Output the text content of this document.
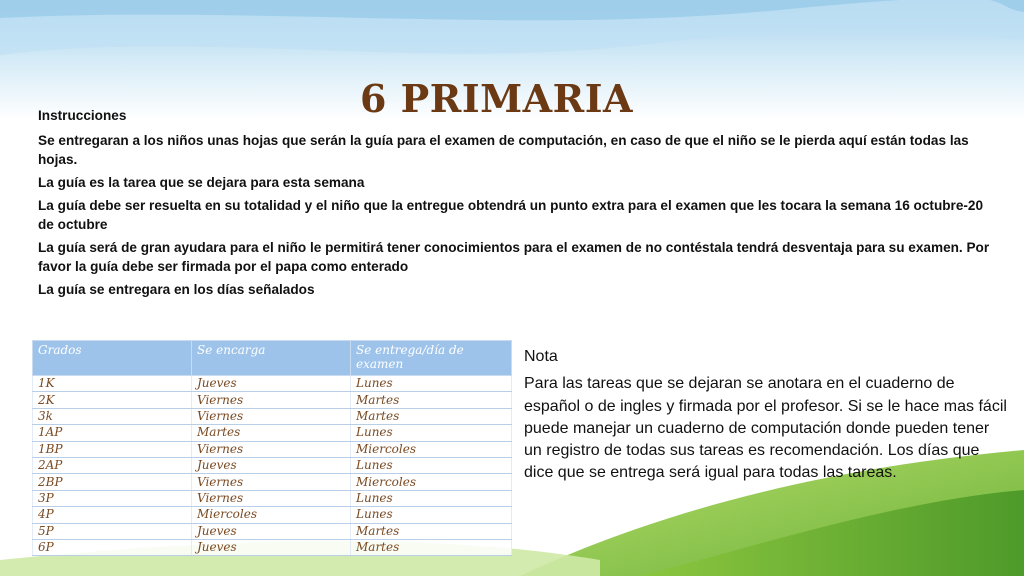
6 PRIMARIA

Instrucciones

Se entregaran a los niños unas hojas que serán la guía para el examen de computación, en caso de que el niño se le pierda aquí están todas las hojas.

La guía es la tarea que se dejara para esta semana

La guía debe ser resuelta en su totalidad y el niño que la entregue obtendrá un punto extra para el examen que les tocara la semana 16 octubre-20 de octubre

La guía será de gran ayudara para el niño le permitirá tener conocimientos para el examen de no contéstala tendrá desventaja para su examen. Por favor la guía debe ser firmada por el papa como enterado

La guía se entregara en los días señalados

Grados	Se encarga	Se entrega/día de examen
1K	Jueves	Lunes
2K	Viernes	Martes
3k	Viernes	Martes
1AP	Martes	Lunes
1BP	Viernes	Miercoles
2AP	Jueves	Lunes
2BP	Viernes	Miercoles
3P	Viernes	Lunes
4P	Miercoles	Lunes
5P	Jueves	Martes
6P	Jueves	Martes

Nota

Para las tareas que se dejaran se anotara en el cuaderno de español o de ingles y firmada por el profesor. Si se le hace mas fácil puede manejar un cuaderno de computación donde pueden tener un registro de todas sus tareas es recomendación. Los días que dice que se entrega será igual para todas las tareas.
